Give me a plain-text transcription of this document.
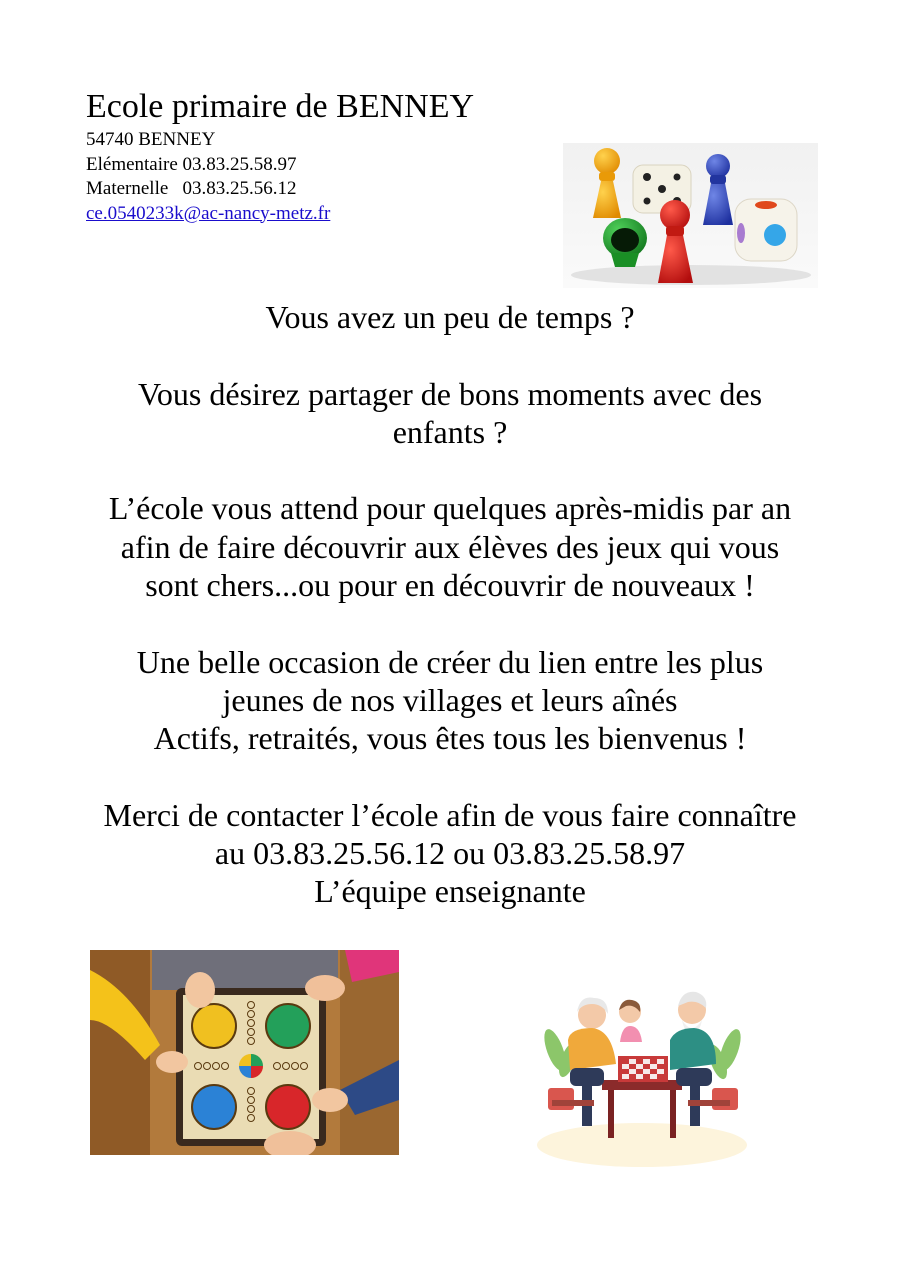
Ecole primaire de BENNEY
54740 BENNEY
Elémentaire 03.83.25.58.97
Maternelle   03.83.25.56.12
ce.0540233k@ac-nancy-metz.fr

Vous avez un peu de temps ?

Vous désirez partager de bons moments avec des

enfants ?

L’école vous attend pour quelques après-midis par an

afin de faire découvrir aux élèves des jeux qui vous

sont chers...ou pour en découvrir de nouveaux !

Une belle occasion de créer du lien entre les plus

jeunes de nos villages et leurs aînés

Actifs, retraités, vous êtes tous les bienvenus !

Merci de contacter l’école afin de vous faire connaître

au 03.83.25.56.12 ou 03.83.25.58.97

L’équipe enseignante
